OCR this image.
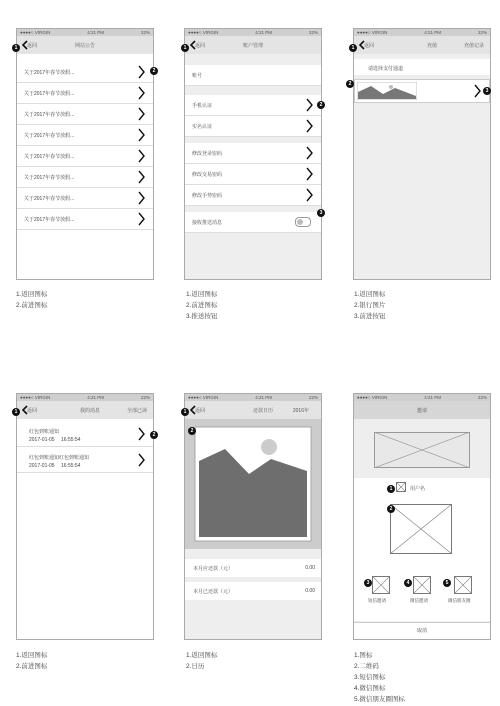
●●●●○ VIRGIN	4:21 PM	22%
返回	网站公告
关于2017年春节放假...
关于2017年春节放假...
关于2017年春节放假...
关于2017年春节放假...
关于2017年春节放假...
关于2017年春节放假...
关于2017年春节放假...
关于2017年春节放假...
1
2
1.返回图标
2.前进图标
●●●●○ VIRGIN	4:21 PM	22%
返回	账户管理
账号
手机认证
实名认证
修改登录密码
修改交易密码
修改手势密码
接收推送消息
1
2
3
1.返回图标
2.前进图标
3.推送按钮
●●●●○ VIRGIN	4:21 PM	22%
返回	充值	充值记录
请选择支付通道
1
2
3
1.返回图标
2.银行图片
3.前进按钮
●●●●○ VIRGIN	4:21 PM	22%
返回	我的消息	全部已读
红包到账通知
2017-01-05 16:55:54
红包到账通知红包到账通知
2017-01-05 16:55:54
1
2
1.返回图标
2.前进图标
●●●●○ VIRGIN	4:21 PM	22%
返回	还款日历	2016年
本月应还款（元）	0.00
本月已还款（元）	0.00
1
2
1.返回图标
2.日历
●●●●○ VIRGIN	4:21 PM	22%
邀请
用户名
短信邀请	微信邀请	微信朋友圈
取消
1
2
3	4	5
1.图标
2.二维码
3.短信图标
4.微信图标
5.微信朋友圈图标
